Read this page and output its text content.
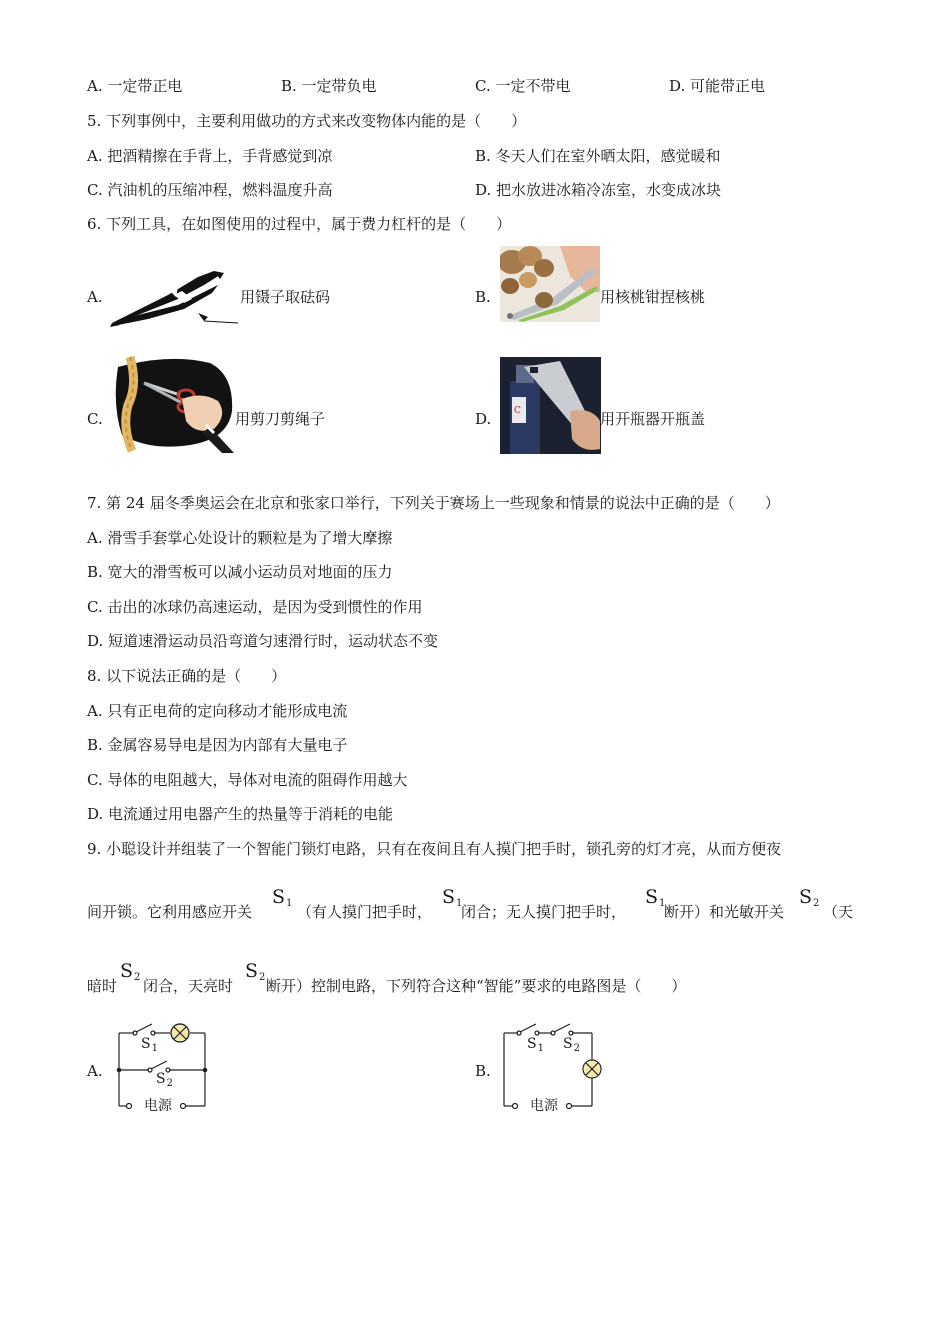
A. 一定带正电	B. 一定带负电	C. 一定不带电	D. 可能带正电
5. 下列事例中，主要利用做功的方式来改变物体内能的是（　　）
A. 把酒精擦在手背上，手背感觉到凉	B. 冬天人们在室外晒太阳，感觉暖和
C. 汽油机的压缩冲程，燃料温度升高	D. 把水放进冰箱冷冻室，水变成冰块
6. 下列工具，在如图使用的过程中，属于费力杠杆的是（　　）
A.	用镊子取砝码	B.	用核桃钳捏核桃
C.	用剪刀剪绳子	D.	C	用开瓶器开瓶盖
7. 第 24 届冬季奥运会在北京和张家口举行，下列关于赛场上一些现象和情景的说法中正确的是（　　）
A. 滑雪手套掌心处设计的颗粒是为了增大摩擦
B. 宽大的滑雪板可以减小运动员对地面的压力
C. 击出的冰球仍高速运动，是因为受到惯性的作用
D. 短道速滑运动员沿弯道匀速滑行时，运动状态不变
8. 以下说法正确的是（　　）
A. 只有正电荷的定向移动才能形成电流
B. 金属容易导电是因为内部有大量电子
C. 导体的电阻越大，导体对电流的阻碍作用越大
D. 电流通过用电器产生的热量等于消耗的电能
9. 小聪设计并组装了一个智能门锁灯电路，只有在夜间且有人摸门把手时，锁孔旁的灯才亮，从而方便夜
间开锁。它利用感应开关
$S_1$ （有人摸门把手时，
$S_1$
闭合；无人摸门把手时，
$S_1$
断开）和光敏开关
$S_2$ （天
暗时
$S_2$ 闭合，天亮时
$S_2$ 断开）控制电路，下列符合这种“智能”要求的电路图是（　　）
A.
$S_1$
$S_2$
电源
B.
$S_1$ $S_2$
电源
